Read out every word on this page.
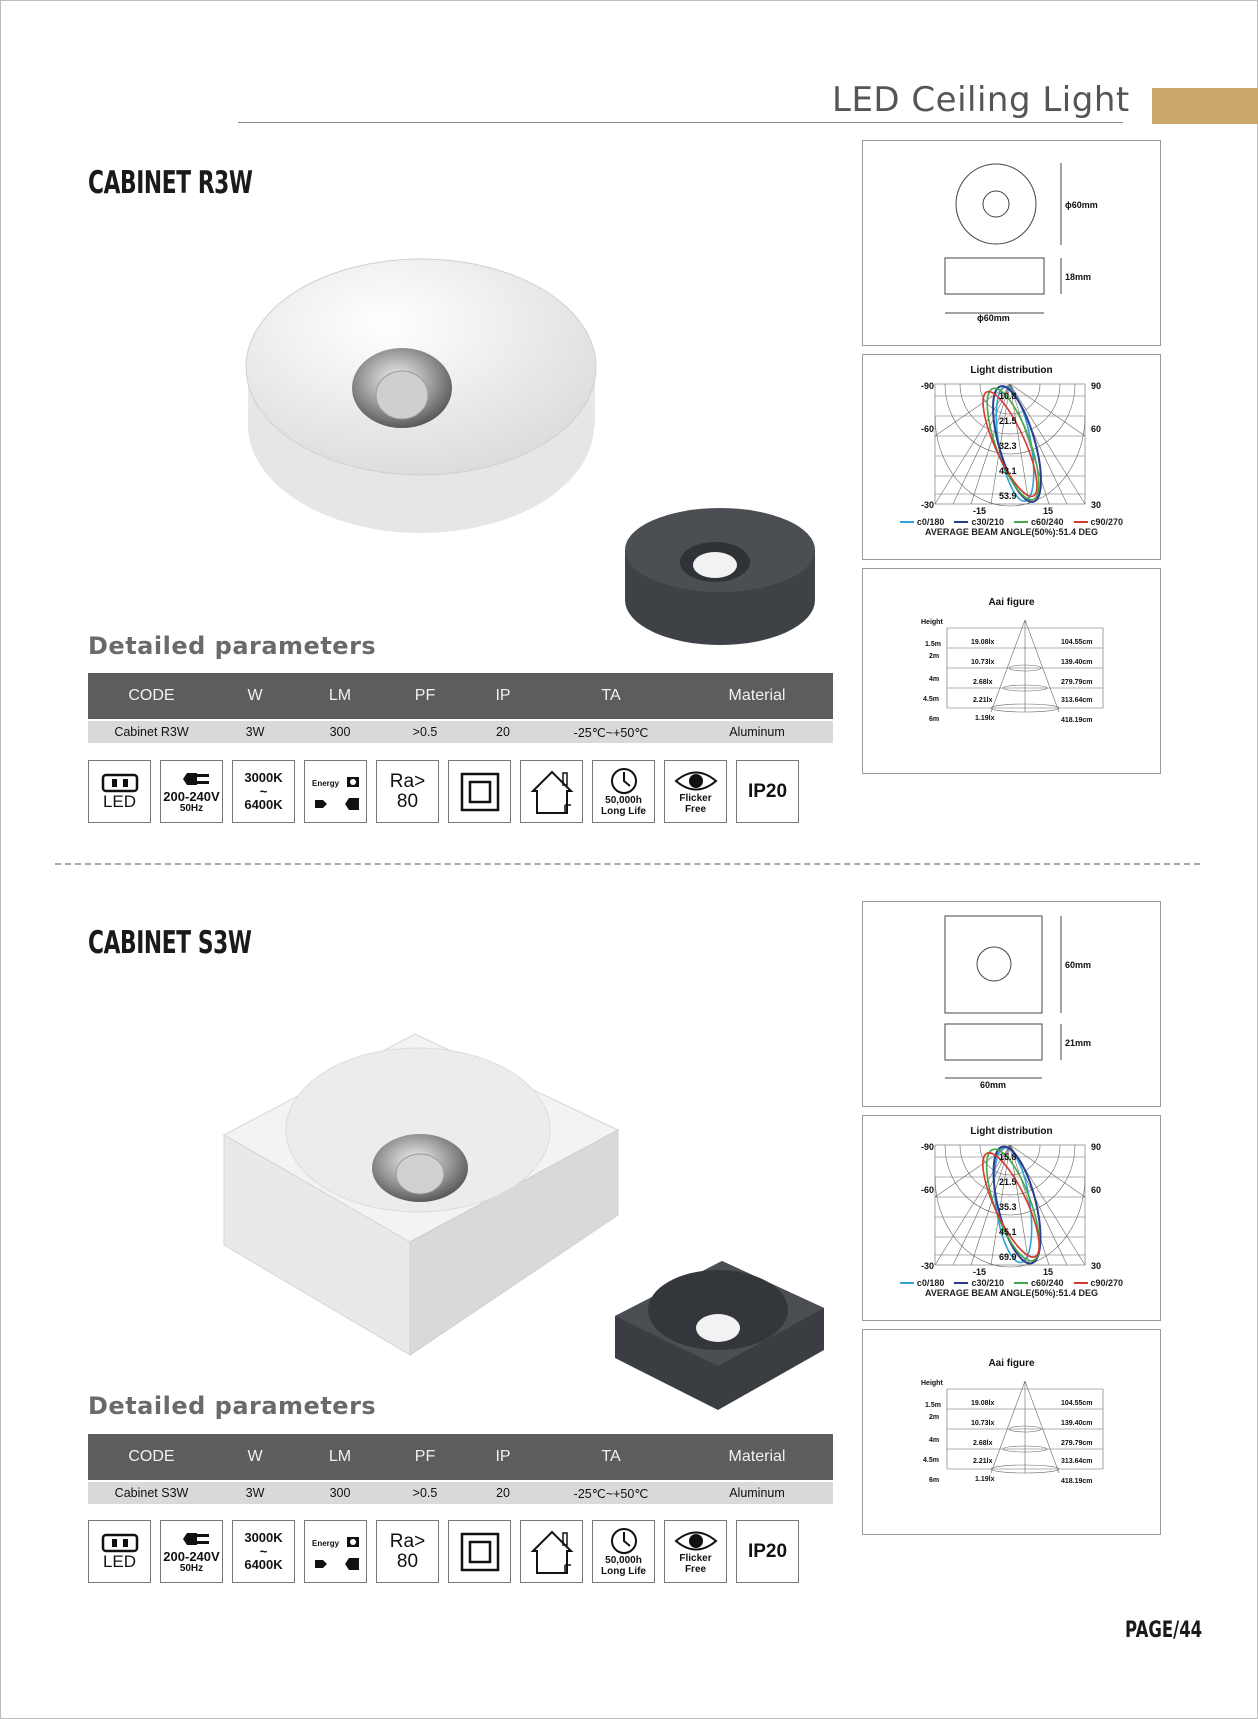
LED Ceiling Light
CABINET R3W
Detailed parameters
CODE	W	LM	PF	IP	TA	Material
Cabinet R3W	3W	300	>0.5	20	-25℃~+50℃	Aluminum
LED 200-240V
50Hz
3000K
~
6400K
Energy	Ra>
80	50,000h
Long Life
Flicker
Free
IP20
ɸ60mm
18mm
ɸ60mm
Light distribution
-90
-60
-30
90
60
30
-15	15
10.8
21.5
32.3
43.1
53.9
c0/180	c30/210	c60/240	c90/270
AVERAGE BEAM ANGLE(50%):51.4 DEG
Aai figure
Height
1.5m
2m
4m
4.5m
6m
19.08lx
10.73lx
2.68lx
2.21lx
1.19lx
104.55cm
139.40cm
279.79cm
313.64cm
418.19cm
CABINET S3W
Detailed parameters
CODE	W	LM	PF	IP	TA	Material
Cabinet S3W	3W	300	>0.5	20	-25℃~+50℃	Aluminum
LED 200-240V
50Hz
3000K
~
6400K
Energy	Ra>
80	50,000h
Long Life
Flicker
Free
IP20
60mm
21mm
60mm
Light distribution
-90
-60
-30
90
60
30
-15	15
15.8
21.5
35.3
45.1
69.9
c0/180	c30/210	c60/240	c90/270
AVERAGE BEAM ANGLE(50%):51.4 DEG
Aai figure
Height
1.5m
2m
4m
4.5m
6m
19.08lx
10.73lx
2.68lx
2.21lx
1.19lx
104.55cm
139.40cm
279.79cm
313.64cm
418.19cm
PAGE/44
